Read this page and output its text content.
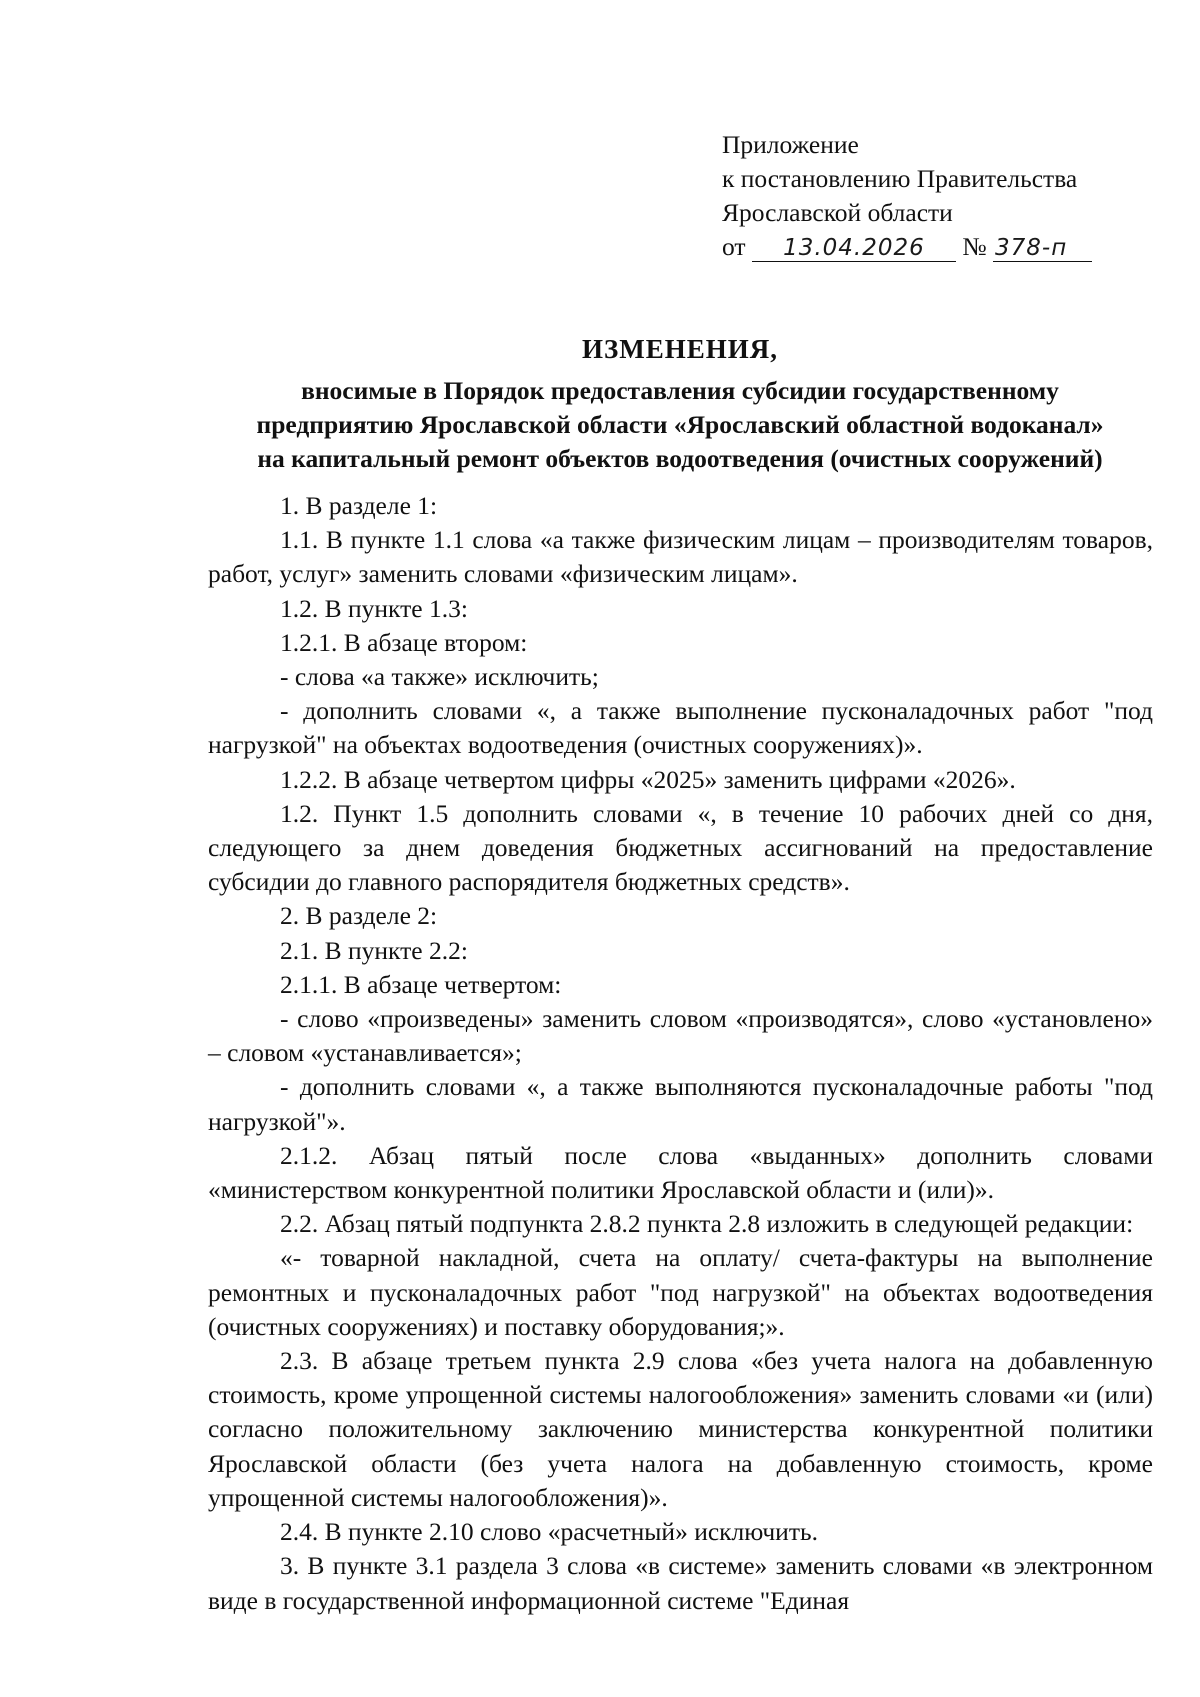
Приложение
к постановлению Правительства
Ярославской области
от 13.04.2026 № 378-п
ИЗМЕНЕНИЯ,
вносимые в Порядок предоставления субсидии государственному
предприятию Ярославской области «Ярославский областной водоканал»
на капитальный ремонт объектов водоотведения (очистных сооружений)

1. В разделе 1:

1.1. В пункте 1.1 слова «а также физическим лицам – производителям товаров, работ, услуг» заменить словами «физическим лицам».

1.2. В пункте 1.3:

1.2.1. В абзаце втором:

- слова «а также» исключить;

- дополнить словами «, а также выполнение пусконаладочных работ "под нагрузкой" на объектах водоотведения (очистных сооружениях)».

1.2.2. В абзаце четвертом цифры «2025» заменить цифрами «2026».

1.2. Пункт 1.5 дополнить словами «, в течение 10 рабочих дней со дня, следующего за днем доведения бюджетных ассигнований на предоставление субсидии до главного распорядителя бюджетных средств».

2. В разделе 2:

2.1. В пункте 2.2:

2.1.1. В абзаце четвертом:

- слово «произведены» заменить словом «производятся», слово «установлено» – словом «устанавливается»;

- дополнить словами «, а также выполняются пусконаладочные работы "под нагрузкой"».

2.1.2. Абзац пятый после слова «выданных» дополнить словами «министерством конкурентной политики Ярославской области и (или)».

2.2. Абзац пятый подпункта 2.8.2 пункта 2.8 изложить в следующей редакции:

«- товарной накладной, счета на оплату/ счета-фактуры на выполнение ремонтных и пусконаладочных работ "под нагрузкой" на объектах водоотведения (очистных сооружениях) и поставку оборудования;».

2.3. В абзаце третьем пункта 2.9 слова «без учета налога на добавленную стоимость, кроме упрощенной системы налогообложения» заменить словами «и (или) согласно положительному заключению министерства конкурентной политики Ярославской области (без учета налога на добавленную стоимость, кроме упрощенной системы налогообложения)».

2.4. В пункте 2.10 слово «расчетный» исключить.

3. В пункте 3.1 раздела 3 слова «в системе» заменить словами «в электронном виде в государственной информационной системе "Единая
